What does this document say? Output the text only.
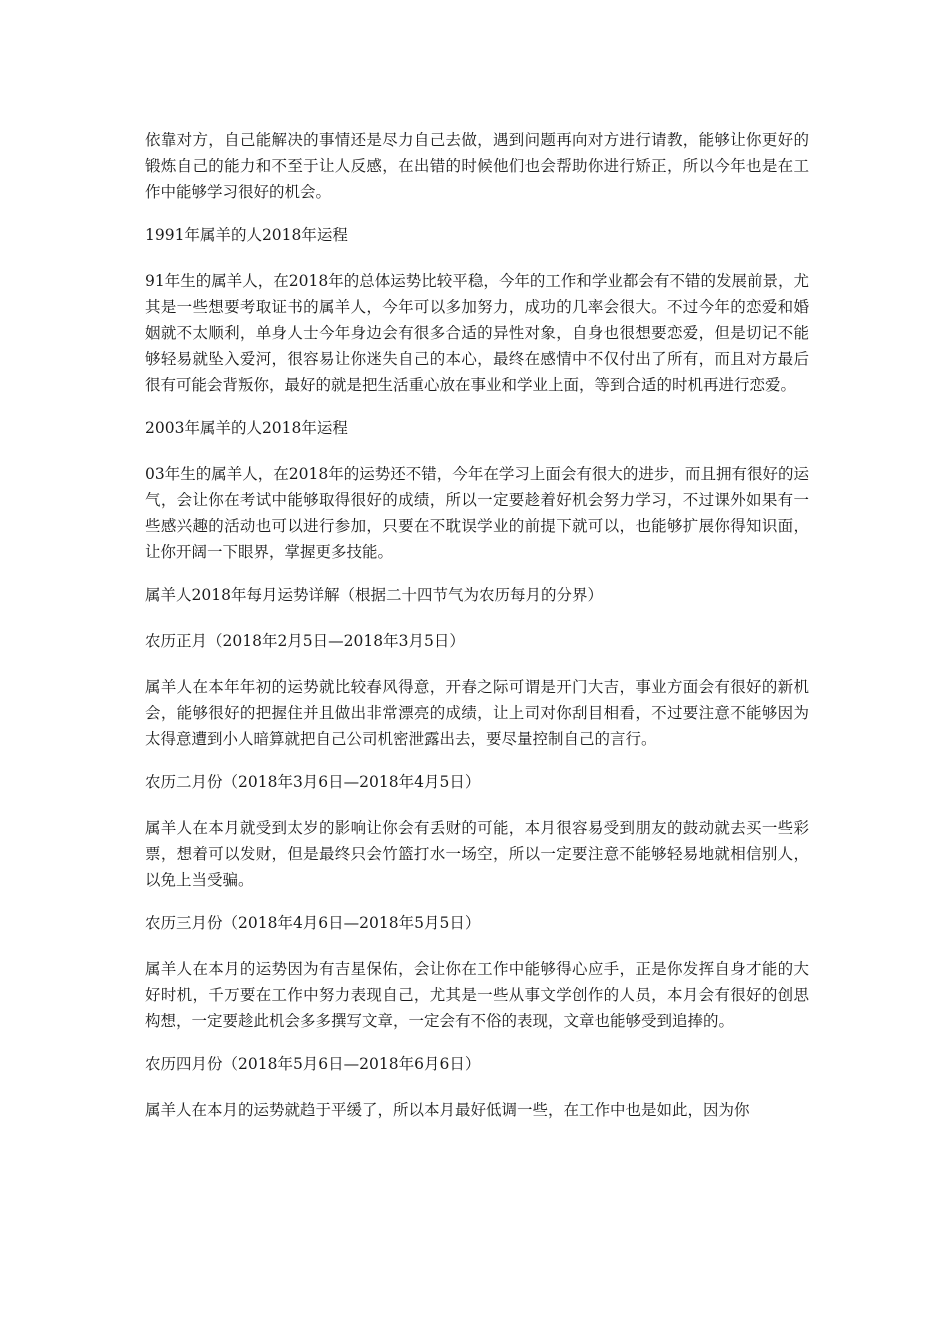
依靠对方，自己能解决的事情还是尽力自己去做，遇到问题再向对方进行请教，能够让你更好的锻炼自己的能力和不至于让人反感，在出错的时候他们也会帮助你进行矫正，所以今年也是在工作中能够学习很好的机会。

1991年属羊的人2018年运程

91年生的属羊人，在2018年的总体运势比较平稳，今年的工作和学业都会有不错的发展前景，尤其是一些想要考取证书的属羊人，今年可以多加努力，成功的几率会很大。不过今年的恋爱和婚姻就不太顺利，单身人士今年身边会有很多合适的异性对象，自身也很想要恋爱，但是切记不能够轻易就坠入爱河，很容易让你迷失自己的本心，最终在感情中不仅付出了所有，而且对方最后很有可能会背叛你，最好的就是把生活重心放在事业和学业上面，等到合适的时机再进行恋爱。

2003年属羊的人2018年运程

03年生的属羊人，在2018年的运势还不错，今年在学习上面会有很大的进步，而且拥有很好的运气，会让你在考试中能够取得很好的成绩，所以一定要趁着好机会努力学习，不过课外如果有一些感兴趣的活动也可以进行参加，只要在不耽误学业的前提下就可以，也能够扩展你得知识面，让你开阔一下眼界，掌握更多技能。

属羊人2018年每月运势详解（根据二十四节气为农历每月的分界）

农历正月（2018年2月5日—2018年3月5日）

属羊人在本年年初的运势就比较春风得意，开春之际可谓是开门大吉，事业方面会有很好的新机会，能够很好的把握住并且做出非常漂亮的成绩，让上司对你刮目相看，不过要注意不能够因为太得意遭到小人暗算就把自己公司机密泄露出去，要尽量控制自己的言行。

农历二月份（2018年3月6日—2018年4月5日）

属羊人在本月就受到太岁的影响让你会有丢财的可能，本月很容易受到朋友的鼓动就去买一些彩票，想着可以发财，但是最终只会竹篮打水一场空，所以一定要注意不能够轻易地就相信别人，以免上当受骗。

农历三月份（2018年4月6日—2018年5月5日）

属羊人在本月的运势因为有吉星保佑，会让你在工作中能够得心应手，正是你发挥自身才能的大好时机，千万要在工作中努力表现自己，尤其是一些从事文学创作的人员，本月会有很好的创思构想，一定要趁此机会多多撰写文章，一定会有不俗的表现，文章也能够受到追捧的。

农历四月份（2018年5月6日—2018年6月6日）

属羊人在本月的运势就趋于平缓了，所以本月最好低调一些，在工作中也是如此，因为你
